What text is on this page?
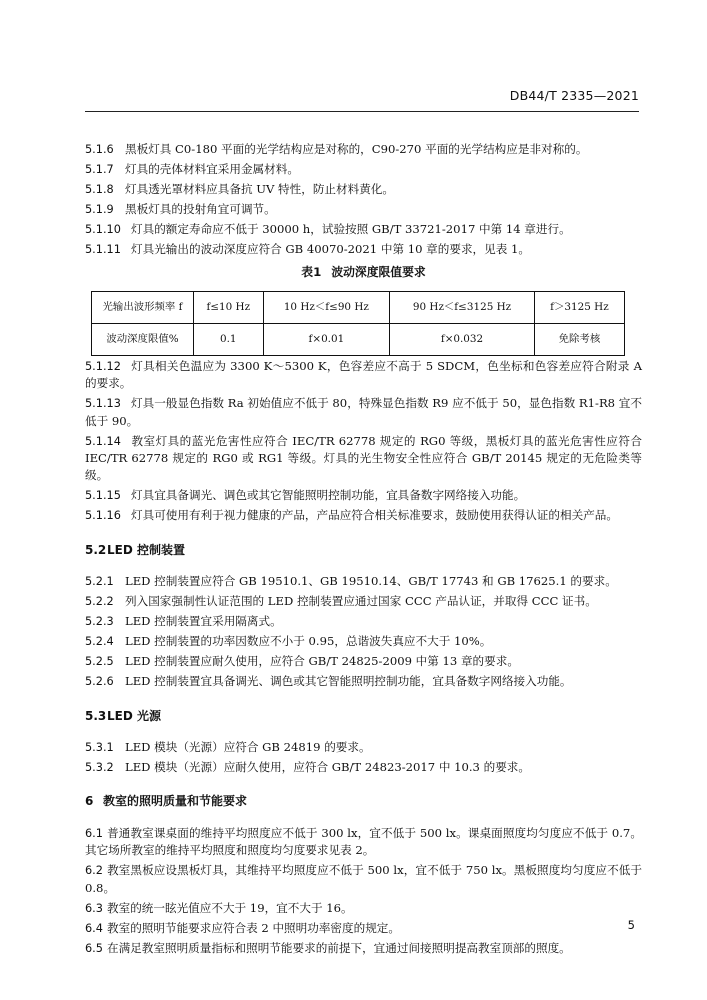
DB44/T 2335—2021

5.1.6 黑板灯具 C0-180 平面的光学结构应是对称的，C90-270 平面的光学结构应是非对称的。

5.1.7 灯具的壳体材料宜采用金属材料。

5.1.8 灯具透光罩材料应具备抗 UV 特性，防止材料黄化。

5.1.9 黑板灯具的投射角宜可调节。

5.1.10 灯具的额定寿命应不低于 30000 h，试验按照 GB/T 33721-2017 中第 14 章进行。

5.1.11 灯具光输出的波动深度应符合 GB 40070-2021 中第 10 章的要求，见表 1。

表1 波动深度限值要求
光输出波形频率 f	f≤10 Hz	10 Hz＜f≤90 Hz	90 Hz＜f≤3125 Hz	f＞3125 Hz
波动深度限值%	0.1	f×0.01	f×0.032	免除考核

5.1.12 灯具相关色温应为 3300 K～5300 K，色容差应不高于 5 SDCM，色坐标和色容差应符合附录 A 的要求。

5.1.13 灯具一般显色指数 Ra 初始值应不低于 80，特殊显色指数 R9 应不低于 50，显色指数 R1-R8 宜不低于 90。

5.1.14 教室灯具的蓝光危害性应符合 IEC/TR 62778 规定的 RG0 等级，黑板灯具的蓝光危害性应符合 IEC/TR 62778 规定的 RG0 或 RG1 等级。灯具的光生物安全性应符合 GB/T 20145 规定的无危险类等级。

5.1.15 灯具宜具备调光、调色或其它智能照明控制功能，宜具备数字网络接入功能。

5.1.16 灯具可使用有利于视力健康的产品，产品应符合相关标准要求，鼓励使用获得认证的相关产品。

5.2LED 控制装置

5.2.1 LED 控制装置应符合 GB 19510.1、GB 19510.14、GB/T 17743 和 GB 17625.1 的要求。

5.2.2 列入国家强制性认证范围的 LED 控制装置应通过国家 CCC 产品认证，并取得 CCC 证书。

5.2.3 LED 控制装置宜采用隔离式。

5.2.4 LED 控制装置的功率因数应不小于 0.95，总谐波失真应不大于 10%。

5.2.5 LED 控制装置应耐久使用，应符合 GB/T 24825-2009 中第 13 章的要求。

5.2.6 LED 控制装置宜具备调光、调色或其它智能照明控制功能，宜具备数字网络接入功能。

5.3LED 光源

5.3.1 LED 模块（光源）应符合 GB 24819 的要求。

5.3.2 LED 模块（光源）应耐久使用，应符合 GB/T 24823-2017 中 10.3 的要求。

6 教室的照明质量和节能要求

6.1 普通教室课桌面的维持平均照度应不低于 300 lx，宜不低于 500 lx。课桌面照度均匀度应不低于 0.7。其它场所教室的维持平均照度和照度均匀度要求见表 2。

6.2 教室黑板应设黑板灯具，其维持平均照度应不低于 500 lx，宜不低于 750 lx。黑板照度均匀度应不低于 0.8。

6.3 教室的统一眩光值应不大于 19，宜不大于 16。

6.4 教室的照明节能要求应符合表 2 中照明功率密度的规定。

6.5 在满足教室照明质量指标和照明节能要求的前提下，宜通过间接照明提高教室顶部的照度。

5
